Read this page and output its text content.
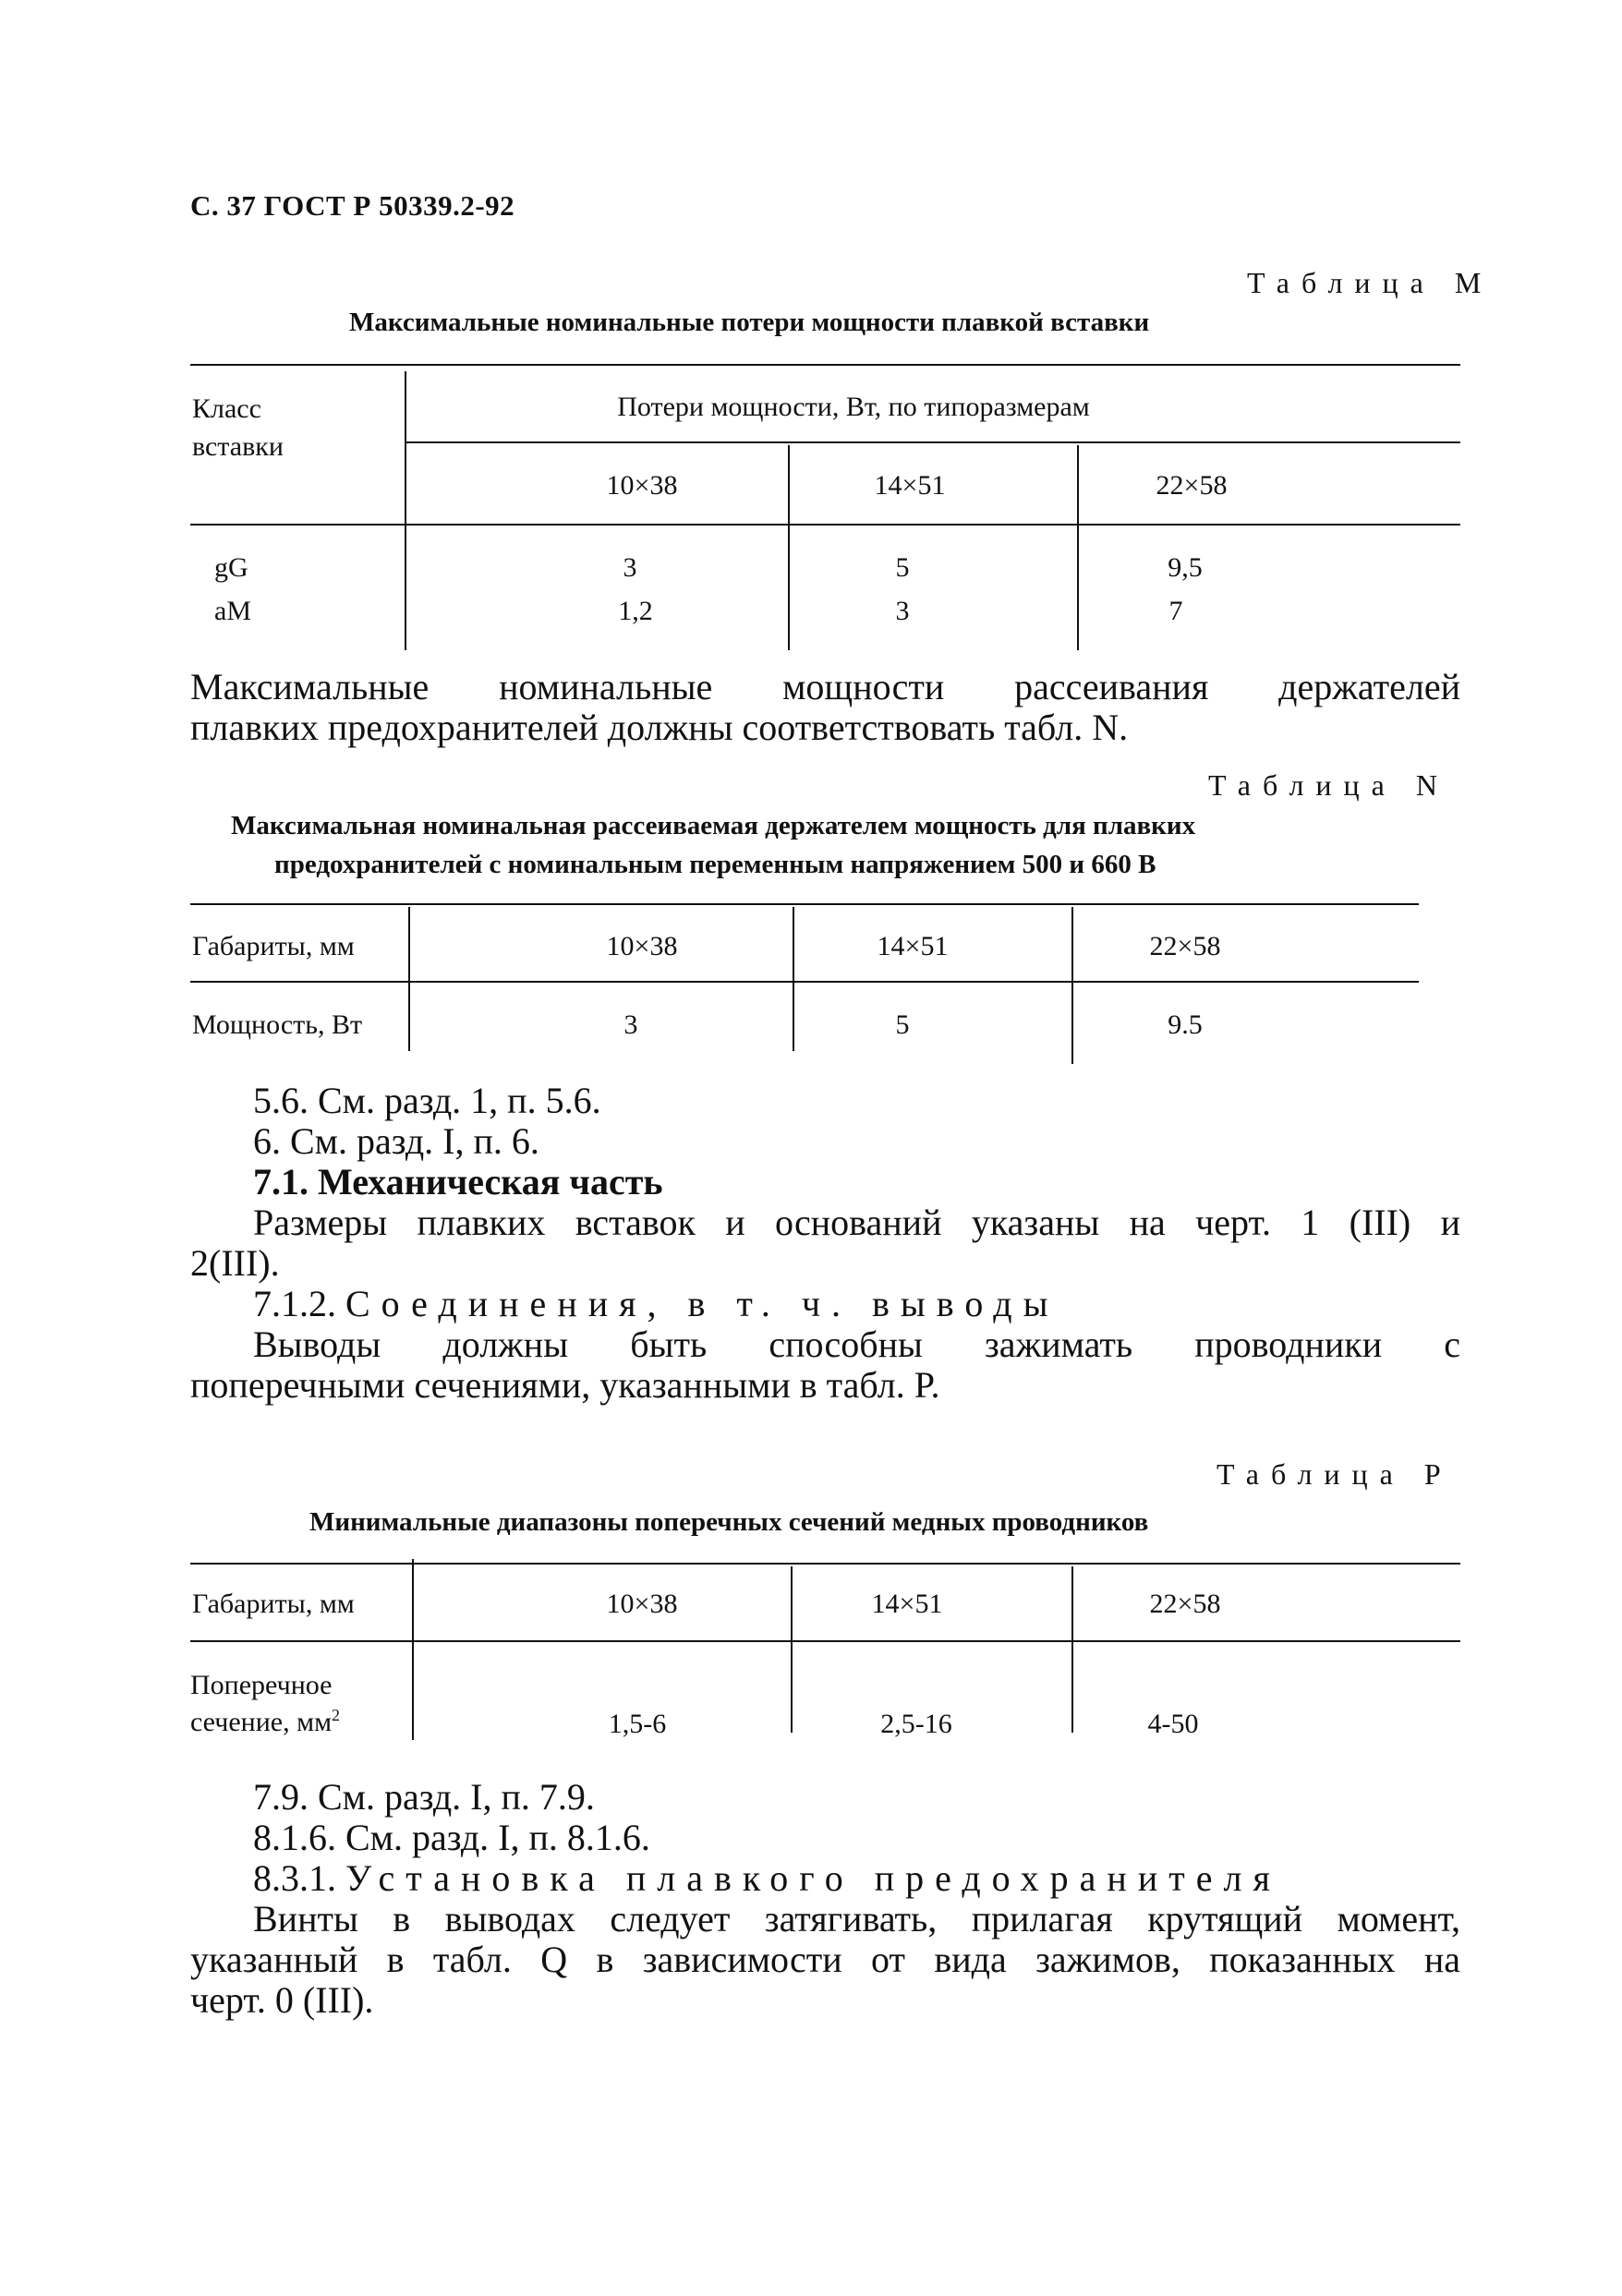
С. 37 ГОСТ Р 50339.2-92
Таблица M
Максимальные номинальные потери мощности плавкой вставки
Класс
вставки
Потери мощности, Вт, по типоразмерам
10×38	14×51	22×58
gG	3	5	9,5
aM	1,2	3	7
Максимальные номинальные мощности рассеивания держателей
плавких предохранителей должны соответствовать табл. N.
Таблица N
Максимальная номинальная рассеиваемая держателем мощность для плавких
предохранителей с номинальным переменным напряжением 500 и 660 В
Габариты, мм	10×38	14×51	22×58
Мощность, Вт	3	5	9.5
5.6. См. разд. 1, п. 5.6.
6. См. разд. I, п. 6.
7.1. Механическая часть
Размеры плавких вставок и оснований указаны на черт. 1 (III) и
2(III).
7.1.2. Соединения, в т. ч. выводы
Выводы должны быть способны зажимать проводники с
поперечными сечениями, указанными в табл. P.
Таблица P
Минимальные диапазоны поперечных сечений медных проводников
Габариты, мм	10×38	14×51	22×58
Поперечное
сечение, $мм^2$	1,5-6	2,5-16	4-50
7.9. См. разд. I, п. 7.9.
8.1.6. См. разд. I, п. 8.1.6.
8.3.1. Установка плавкого предохранителя
Винты в выводах следует затягивать, прилагая крутящий момент,
указанный в табл. Q в зависимости от вида зажимов, показанных на
черт. 0 (III).
